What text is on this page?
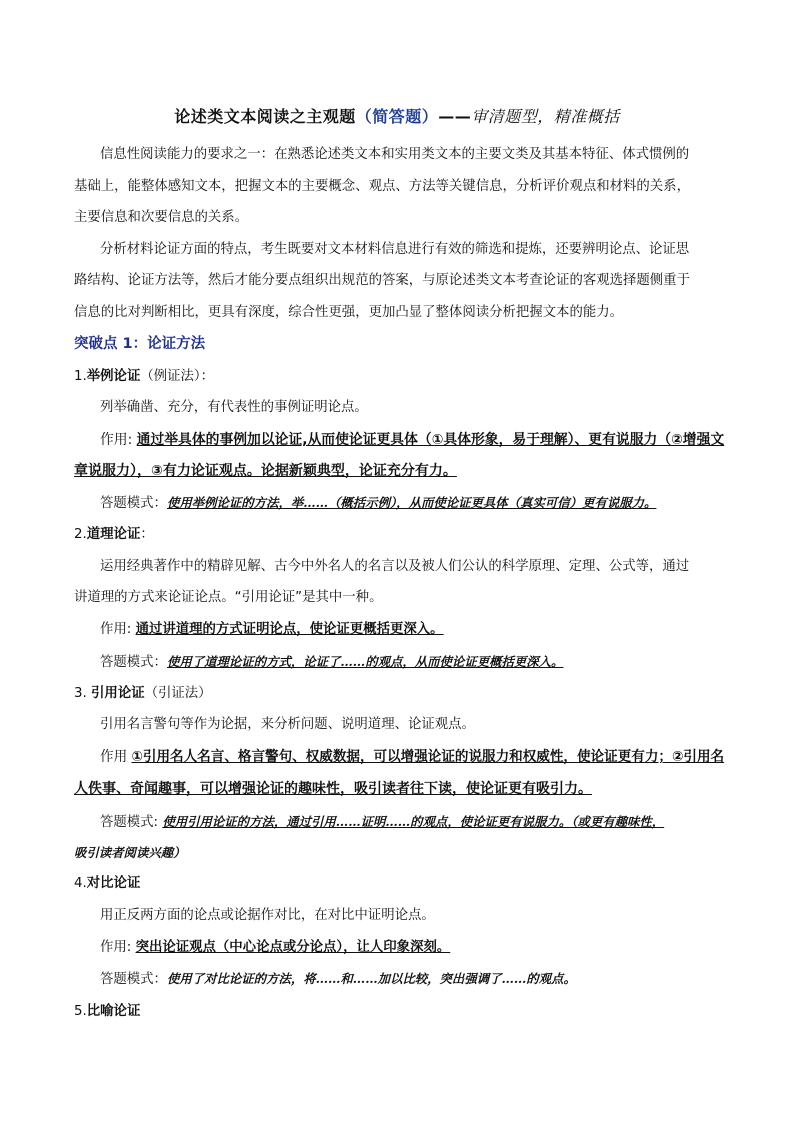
论述类文本阅读之主观题（简答题）——审清题型，精准概括
信息性阅读能力的要求之一：在熟悉论述类文本和实用类文本的主要文类及其基本特征、体式惯例的
基础上，能整体感知文本，把握文本的主要概念、观点、方法等关键信息，分析评价观点和材料的关系，
主要信息和次要信息的关系。
分析材料论证方面的特点，考生既要对文本材料信息进行有效的筛选和提炼，还要辨明论点、论证思
路结构、论证方法等，然后才能分要点组织出规范的答案，与原论述类文本考查论证的客观选择题侧重于
信息的比对判断相比，更具有深度，综合性更强，更加凸显了整体阅读分析把握文本的能力。
突破点 1：论证方法
1.举例论证（例证法）：
列举确凿、充分，有代表性的事例证明论点。
作用: 通过举具体的事例加以论证,从而使论证更具体（①具体形象，易于理解）、更有说服力（②增强文
章说服力），③有力论证观点。论据新颖典型，论证充分有力。
答题模式：使用举例论证的方法，举……（概括示例），从而使论证更具体（真实可信）更有说服力。
2.道理论证：
运用经典著作中的精辟见解、古今中外名人的名言以及被人们公认的科学原理、定理、公式等，通过
讲道理的方式来论证论点。“引用论证”是其中一种。
作用: 通过讲道理的方式证明论点，使论证更概括更深入。
答题模式：使用了道理论证的方式，论证了……的观点，从而使论证更概括更深入。
3. 引用论证（引证法）
引用名言警句等作为论据，来分析问题、说明道理、论证观点。
作用 ①引用名人名言、格言警句、权威数据，可以增强论证的说服力和权威性，使论证更有力；②引用名
人佚事、奇闻趣事，可以增强论证的趣味性，吸引读者往下读，使论证更有吸引力。
答题模式: 使用引用论证的方法，通过引用……证明……的观点，使论证更有说服力。（或更有趣味性，
吸引读者阅读兴趣）
4.对比论证
用正反两方面的论点或论据作对比，在对比中证明论点。
作用: 突出论证观点（中心论点或分论点），让人印象深刻。
答题模式：使用了对比论证的方法，将……和……加以比较，突出强调了……的观点。
5.比喻论证
